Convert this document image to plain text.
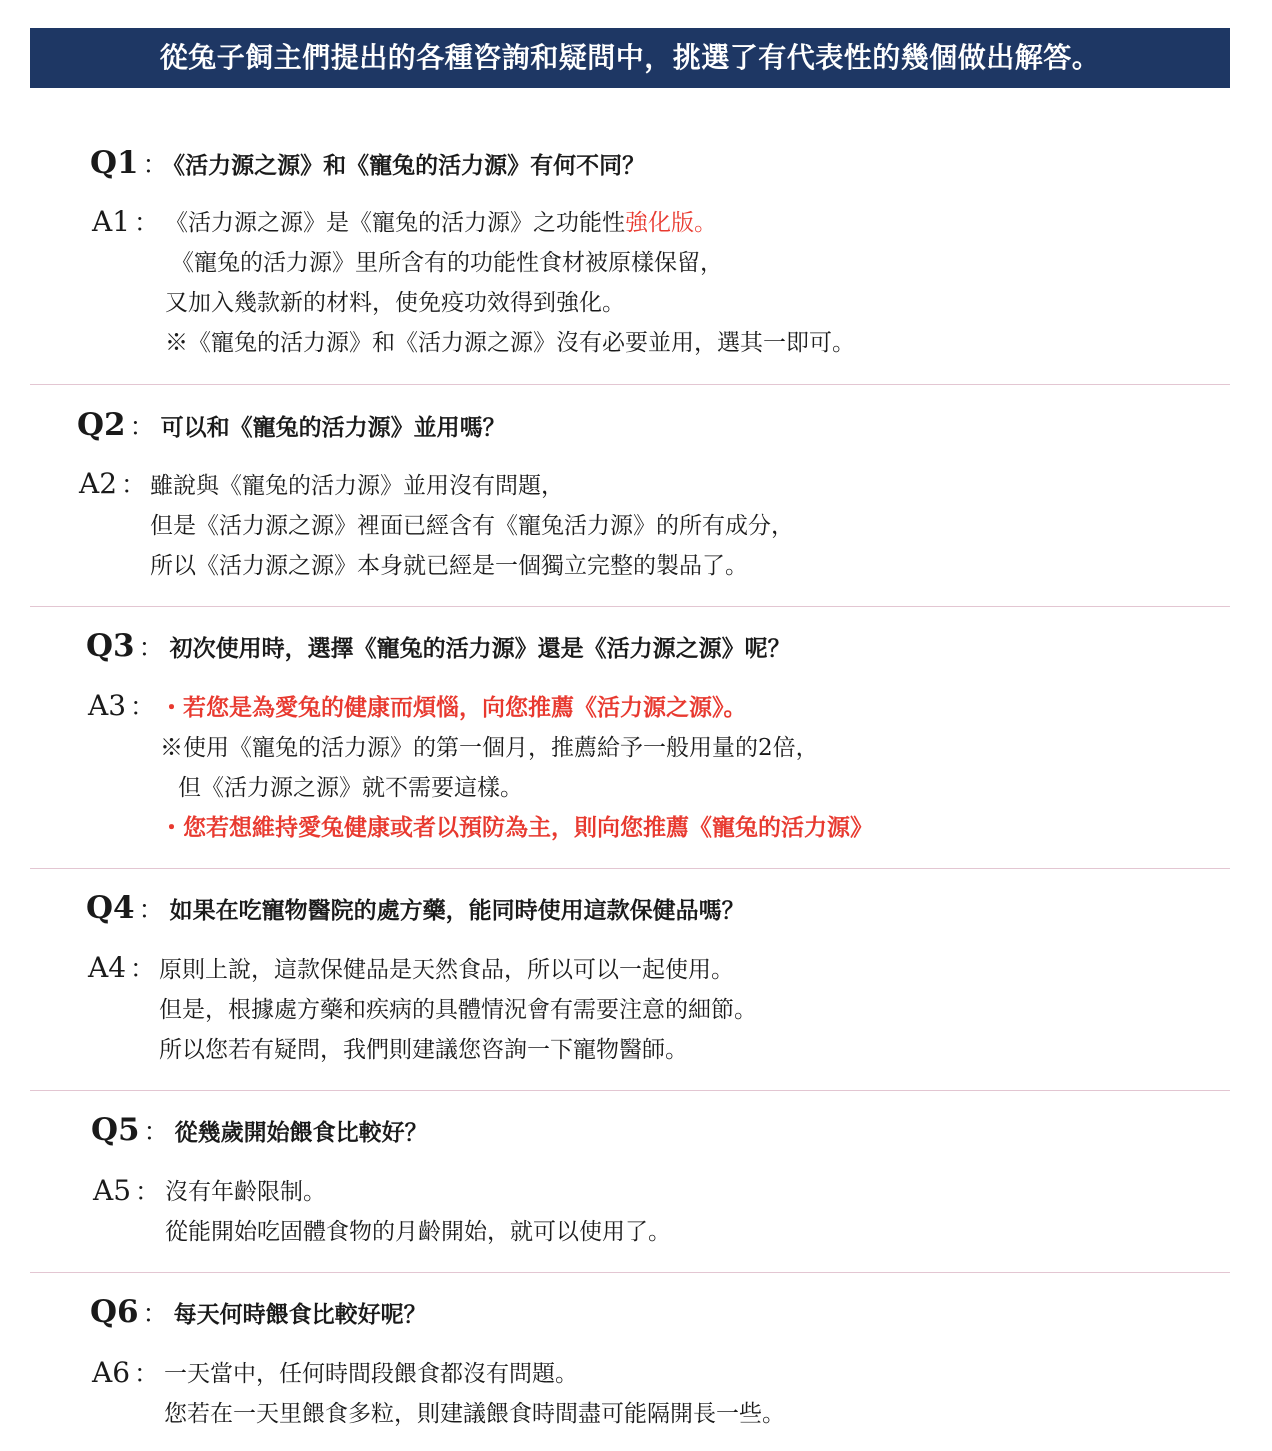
從兔子飼主們提出的各種咨詢和疑問中，挑選了有代表性的幾個做出解答。
Q1 ： 《活力源之源》和《寵兔的活力源》有何不同？
A1 ： 《活力源之源》是《寵兔的活力源》之功能性強化版。
《寵兔的活力源》里所含有的功能性食材被原樣保留，
又加入幾款新的材料，使免疫功效得到強化。
※《寵兔的活力源》和《活力源之源》沒有必要並用，選其一即可。
Q2 ： 可以和《寵兔的活力源》並用嗎？
A2 ： 雖說與《寵兔的活力源》並用沒有問題，
但是《活力源之源》裡面已經含有《寵兔活力源》的所有成分，
所以《活力源之源》本身就已經是一個獨立完整的製品了。
Q3 ： 初次使用時，選擇《寵兔的活力源》還是《活力源之源》呢？
A3 ： ・若您是為愛兔的健康而煩惱，向您推薦《活力源之源》。
※使用《寵兔的活力源》的第一個月，推薦給予一般用量的2倍，
但《活力源之源》就不需要這樣。
・您若想維持愛兔健康或者以預防為主，則向您推薦《寵兔的活力源》
Q4 ： 如果在吃寵物醫院的處方藥，能同時使用這款保健品嗎？
A4 ： 原則上說，這款保健品是天然食品，所以可以一起使用。
但是，根據處方藥和疾病的具體情況會有需要注意的細節。
所以您若有疑問，我們則建議您咨詢一下寵物醫師。
Q5 ： 從幾歲開始餵食比較好？
A5 ： 沒有年齡限制。
從能開始吃固體食物的月齡開始，就可以使用了。
Q6 ： 每天何時餵食比較好呢？
A6 ： 一天當中，任何時間段餵食都沒有問題。
您若在一天里餵食多粒，則建議餵食時間盡可能隔開長一些。
